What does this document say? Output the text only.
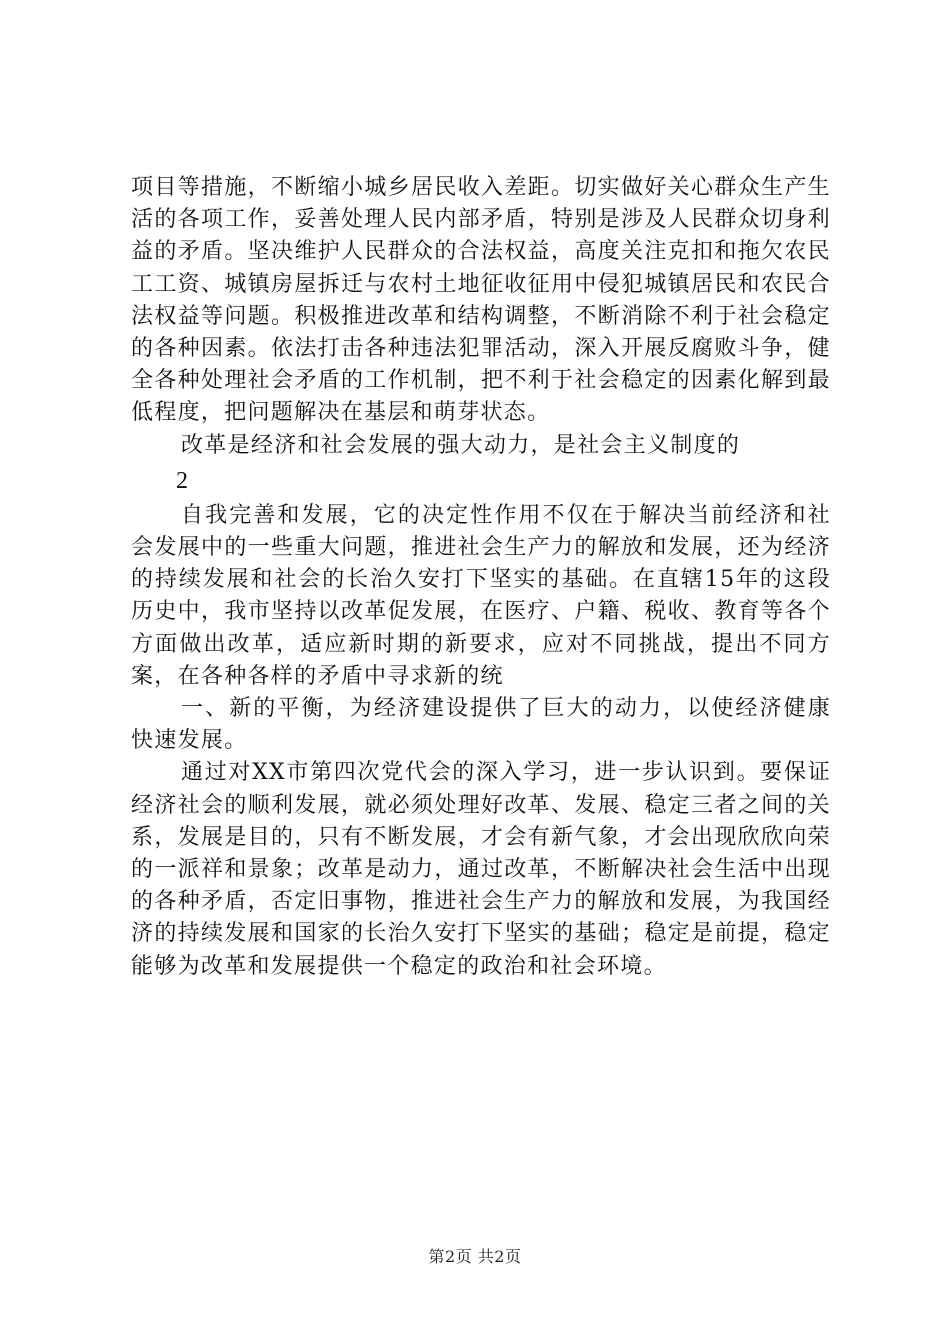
项目等措施，不断缩小城乡居民收入差距。切实做好关心群众生产生活的各项工作，妥善处理人民内部矛盾，特别是涉及人民群众切身利益的矛盾。坚决维护人民群众的合法权益，高度关注克扣和拖欠农民工工资、城镇房屋拆迁与农村土地征收征用中侵犯城镇居民和农民合法权益等问题。积极推进改革和结构调整，不断消除不利于社会稳定的各种因素。依法打击各种违法犯罪活动，深入开展反腐败斗争，健全各种处理社会矛盾的工作机制，把不利于社会稳定的因素化解到最低程度，把问题解决在基层和萌芽状态。

改革是经济和社会发展的强大动力，是社会主义制度的

2

自我完善和发展，它的决定性作用不仅在于解决当前经济和社会发展中的一些重大问题，推进社会生产力的解放和发展，还为经济的持续发展和社会的长治久安打下坚实的基础。在直辖15年的这段历史中，我市坚持以改革促发展，在医疗、户籍、税收、教育等各个方面做出改革，适应新时期的新要求，应对不同挑战，提出不同方案，在各种各样的矛盾中寻求新的统

一、新的平衡，为经济建设提供了巨大的动力，以使经济健康快速发展。

通过对XX市第四次党代会的深入学习，进一步认识到。要保证经济社会的顺利发展，就必须处理好改革、发展、稳定三者之间的关系，发展是目的，只有不断发展，才会有新气象，才会出现欣欣向荣的一派祥和景象；改革是动力，通过改革，不断解决社会生活中出现的各种矛盾，否定旧事物，推进社会生产力的解放和发展，为我国经济的持续发展和国家的长治久安打下坚实的基础；稳定是前提，稳定能够为改革和发展提供一个稳定的政治和社会环境。

第2页 共2页
